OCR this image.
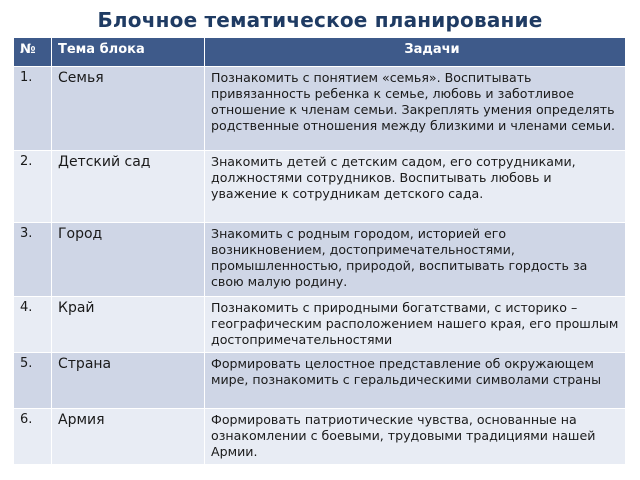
Блочное тематическое планирование
№	Тема блока	Задачи

1.	Семья	Познакомить с понятием «семья». Воспитывать привязанность ребенка к семье, любовь и заботливое отношение к членам семьи. Закреплять умения определять родственные отношения между близкими и членами семьи.

2.	Детский сад	Знакомить детей с детским садом, его сотрудниками, должностями сотрудников. Воспитывать любовь и уважение к сотрудникам детского сада.

3.	Город	Знакомить с родным городом, историей его возникновением, достопримечательностями, промышленностью, природой, воспитывать гордость за свою малую родину.

4.	Край	Познакомить с природными богатствами, с историко –географическим расположением нашего края, его прошлым достопримечательностями

5.	Страна	Формировать целостное представление об окружающем мире, познакомить с геральдическими символами страны

6.	Армия	Формировать патриотические чувства, основанные на ознакомлении с боевыми, трудовыми традициями нашей Армии.
